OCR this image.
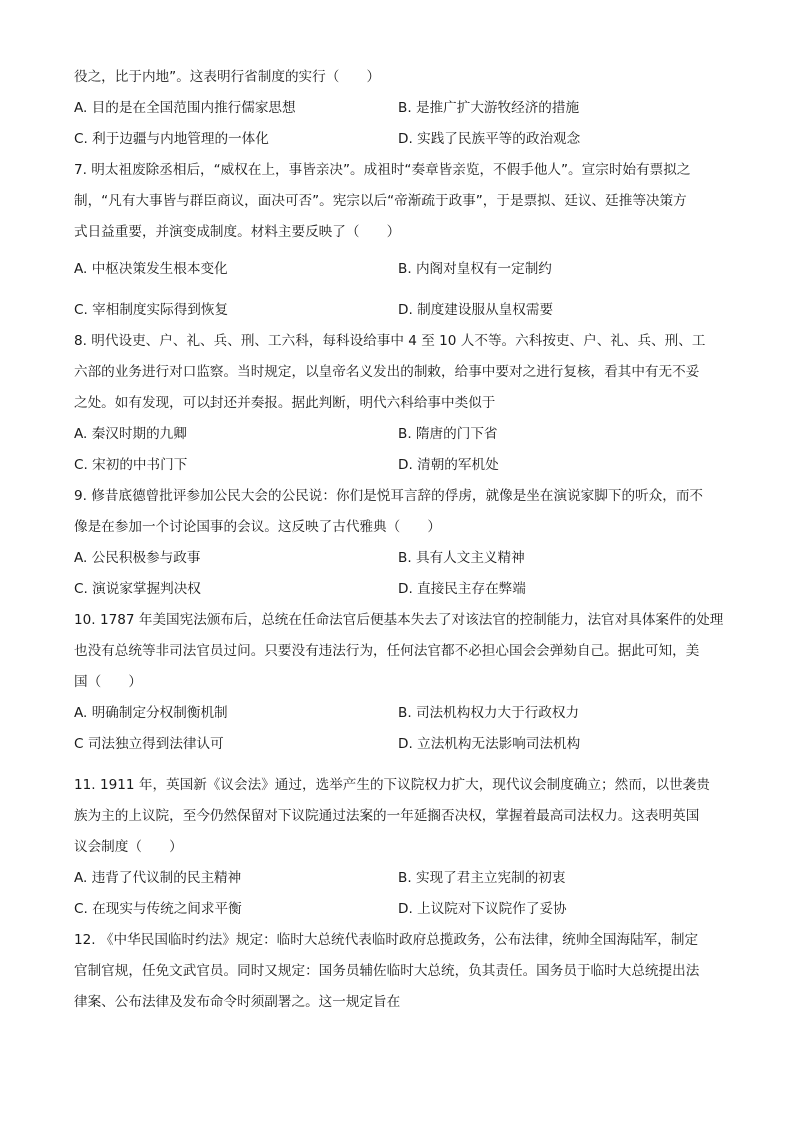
役之，比于内地”。这表明行省制度的实行（　　）
A. 目的是在全国范围内推行儒家思想	B. 是推广扩大游牧经济的措施
C. 利于边疆与内地管理的一体化	D. 实践了民族平等的政治观念
7. 明太祖废除丞相后，“威权在上，事皆亲决”。成祖时“奏章皆亲览，不假手他人”。宣宗时始有票拟之
制，“凡有大事皆与群臣商议，面决可否”。宪宗以后“帝渐疏于政事”，于是票拟、廷议、廷推等决策方
式日益重要，并演变成制度。材料主要反映了（　　）
A. 中枢决策发生根本变化	B. 内阁对皇权有一定制约
C. 宰相制度实际得到恢复	D. 制度建设服从皇权需要
8. 明代设吏、户、礼、兵、刑、工六科，每科设给事中 4 至 10 人不等。六科按吏、户、礼、兵、刑、工
六部的业务进行对口监察。当时规定，以皇帝名义发出的制敕，给事中要对之进行复核，看其中有无不妥
之处。如有发现，可以封还并奏报。据此判断，明代六科给事中类似于
A. 秦汉时期的九卿	B. 隋唐的门下省
C. 宋初的中书门下	D. 清朝的军机处
9. 修昔底德曾批评参加公民大会的公民说：你们是悦耳言辞的俘虏，就像是坐在演说家脚下的听众，而不
像是在参加一个讨论国事的会议。这反映了古代雅典（　　）
A. 公民积极参与政事	B. 具有人文主义精神
C. 演说家掌握判决权	D. 直接民主存在弊端
10. 1787 年美国宪法颁布后，总统在任命法官后便基本失去了对该法官的控制能力，法官对具体案件的处理
也没有总统等非司法官员过问。只要没有违法行为，任何法官都不必担心国会会弹劾自己。据此可知，美
国（　　）
A. 明确制定分权制衡机制	B. 司法机构权力大于行政权力
C 司法独立得到法律认可	D. 立法机构无法影响司法机构
11. 1911 年，英国新《议会法》通过，选举产生的下议院权力扩大，现代议会制度确立；然而，以世袭贵
族为主的上议院，至今仍然保留对下议院通过法案的一年延搁否决权，掌握着最高司法权力。这表明英国
议会制度（　　）
A. 违背了代议制的民主精神	B. 实现了君主立宪制的初衷
C. 在现实与传统之间求平衡	D. 上议院对下议院作了妥协
12. 《中华民国临时约法》规定：临时大总统代表临时政府总揽政务，公布法律，统帅全国海陆军，制定
官制官规，任免文武官员。同时又规定：国务员辅佐临时大总统，负其责任。国务员于临时大总统提出法
律案、公布法律及发布命令时须副署之。这一规定旨在
